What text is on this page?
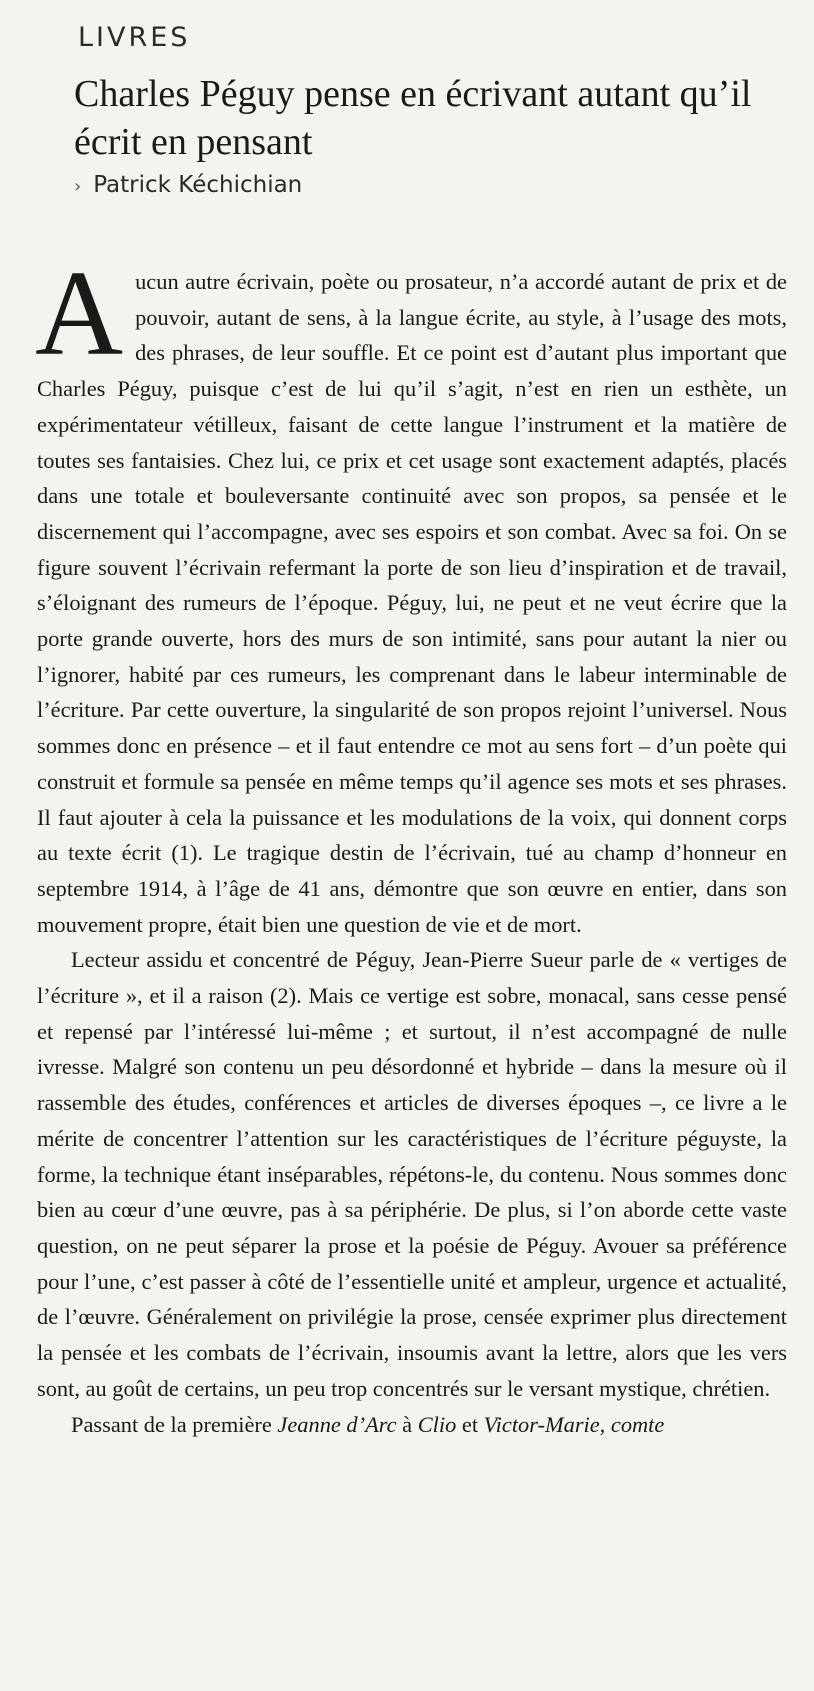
LIVRES
Charles Péguy pense en écrivant autant qu’il écrit en pensant
› Patrick Kéchichian

Aucun autre écrivain, poète ou prosateur, n’a accordé autant de prix et de pouvoir, autant de sens, à la langue écrite, au style, à l’usage des mots, des phrases, de leur souffle. Et ce point est d’autant plus important que Charles Péguy, puisque c’est de lui qu’il s’agit, n’est en rien un esthète, un expérimentateur vétilleux, faisant de cette langue l’instrument et la matière de toutes ses fantaisies. Chez lui, ce prix et cet usage sont exactement adaptés, placés dans une totale et bouleversante continuité avec son propos, sa pensée et le discernement qui l’accompagne, avec ses espoirs et son combat. Avec sa foi. On se figure souvent l’écrivain refermant la porte de son lieu d’inspiration et de travail, s’éloignant des rumeurs de l’époque. Péguy, lui, ne peut et ne veut écrire que la porte grande ouverte, hors des murs de son intimité, sans pour autant la nier ou l’ignorer, habité par ces rumeurs, les comprenant dans le labeur interminable de l’écriture. Par cette ouverture, la singularité de son propos rejoint l’universel. Nous sommes donc en présence – et il faut entendre ce mot au sens fort – d’un poète qui construit et formule sa pensée en même temps qu’il agence ses mots et ses phrases. Il faut ajouter à cela la puissance et les modulations de la voix, qui donnent corps au texte écrit (1). Le tragique destin de l’écrivain, tué au champ d’honneur en septembre 1914, à l’âge de 41 ans, démontre que son œuvre en entier, dans son mouvement propre, était bien une question de vie et de mort.

Lecteur assidu et concentré de Péguy, Jean-Pierre Sueur parle de « vertiges de l’écriture », et il a raison (2). Mais ce vertige est sobre, monacal, sans cesse pensé et repensé par l’intéressé lui-même ; et surtout, il n’est accompagné de nulle ivresse. Malgré son contenu un peu désordonné et hybride – dans la mesure où il rassemble des études, conférences et articles de diverses époques –, ce livre a le mérite de concentrer l’attention sur les caractéristiques de l’écriture péguyste, la forme, la technique étant inséparables, répétons-le, du contenu. Nous sommes donc bien au cœur d’une œuvre, pas à sa périphérie. De plus, si l’on aborde cette vaste question, on ne peut séparer la prose et la poésie de Péguy. Avouer sa préférence pour l’une, c’est passer à côté de l’essentielle unité et ampleur, urgence et actualité, de l’œuvre. Généralement on privilégie la prose, censée exprimer plus directement la pensée et les combats de l’écrivain, insoumis avant la lettre, alors que les vers sont, au goût de certains, un peu trop concentrés sur le versant mystique, chrétien.

Passant de la première Jeanne d’Arc à Clio et Victor-Marie, comte
